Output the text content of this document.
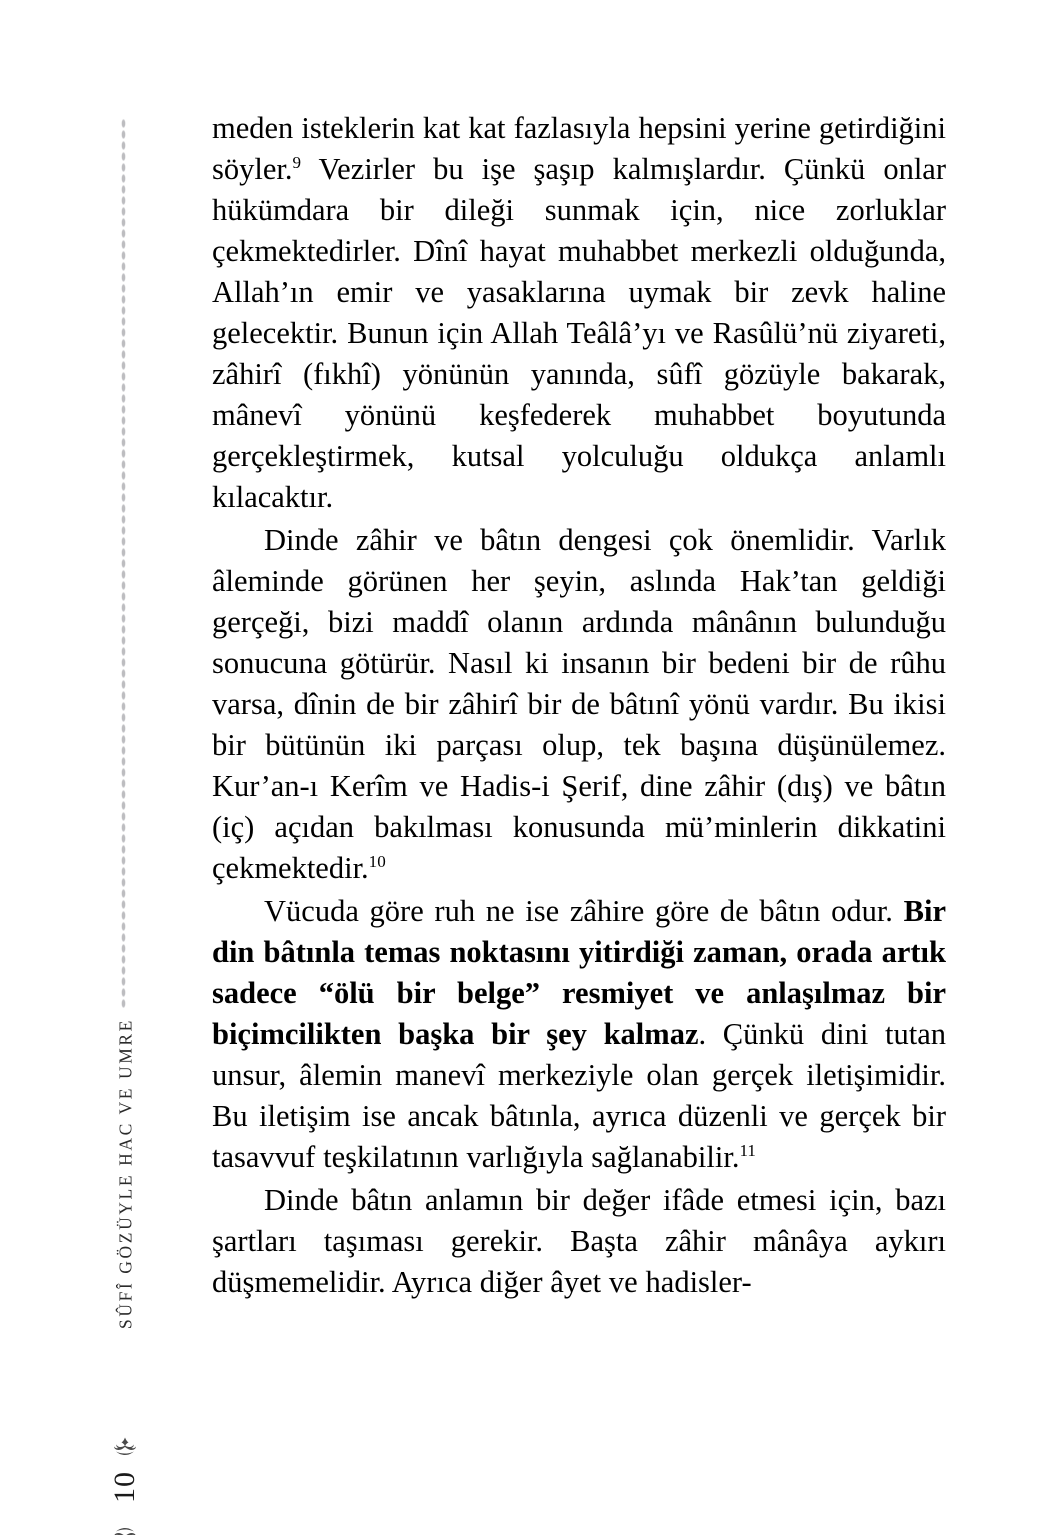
SÛFÎ GÖZÜYLE HAC VE UMRE
10

meden isteklerin kat kat fazlasıyla hepsini yerine getirdiğini söyler.$^9$ Vezirler bu işe şaşıp kalmışlardır. Çünkü onlar hükümdara bir dileği sunmak için, nice zorluklar çekmektedirler. Dînî hayat muhabbet merkezli olduğunda, Allah’ın emir ve yasaklarına uymak bir zevk haline gelecektir. Bunun için Allah Teâlâ’yı ve Rasûlü’nü ziyareti, zâhirî (fıkhî) yönünün yanında, sûfî gözüyle bakarak, mânevî yönünü keşfederek muhabbet boyutunda gerçekleştirmek, kutsal yolculuğu oldukça anlamlı kılacaktır.

Dinde zâhir ve bâtın dengesi çok önemlidir. Varlık âleminde görünen her şeyin, aslında Hak’tan geldiği gerçeği, bizi maddî olanın ardında mânânın bulunduğu sonucuna götürür. Nasıl ki insanın bir bedeni bir de rûhu varsa, dînin de bir zâhirî bir de bâtınî yönü vardır. Bu ikisi bir bütünün iki parçası olup, tek başına düşünülemez. Kur’an-ı Kerîm ve Hadis-i Şerif, dine zâhir (dış) ve bâtın (iç) açıdan bakılması konusunda mü’minlerin dikkatini çekmektedir.$^{10}$

Vücuda göre ruh ne ise zâhire göre de bâtın odur. Bir din bâtınla temas noktasını yitirdiği zaman, orada artık sadece “ölü bir belge” resmiyet ve anlaşılmaz bir biçimcilikten başka bir şey kalmaz. Çünkü dini tutan unsur, âlemin manevî merkeziyle olan gerçek iletişimidir. Bu iletişim ise ancak bâtınla, ayrıca düzenli ve gerçek bir tasavvuf teşkilatının varlığıyla sağlanabilir.$^{11}$

Dinde bâtın anlamın bir değer ifâde etmesi için, bazı şartları taşıması gerekir. Başta zâhir mânâya aykırı düşmemelidir. Ayrıca diğer âyet ve hadisler-
